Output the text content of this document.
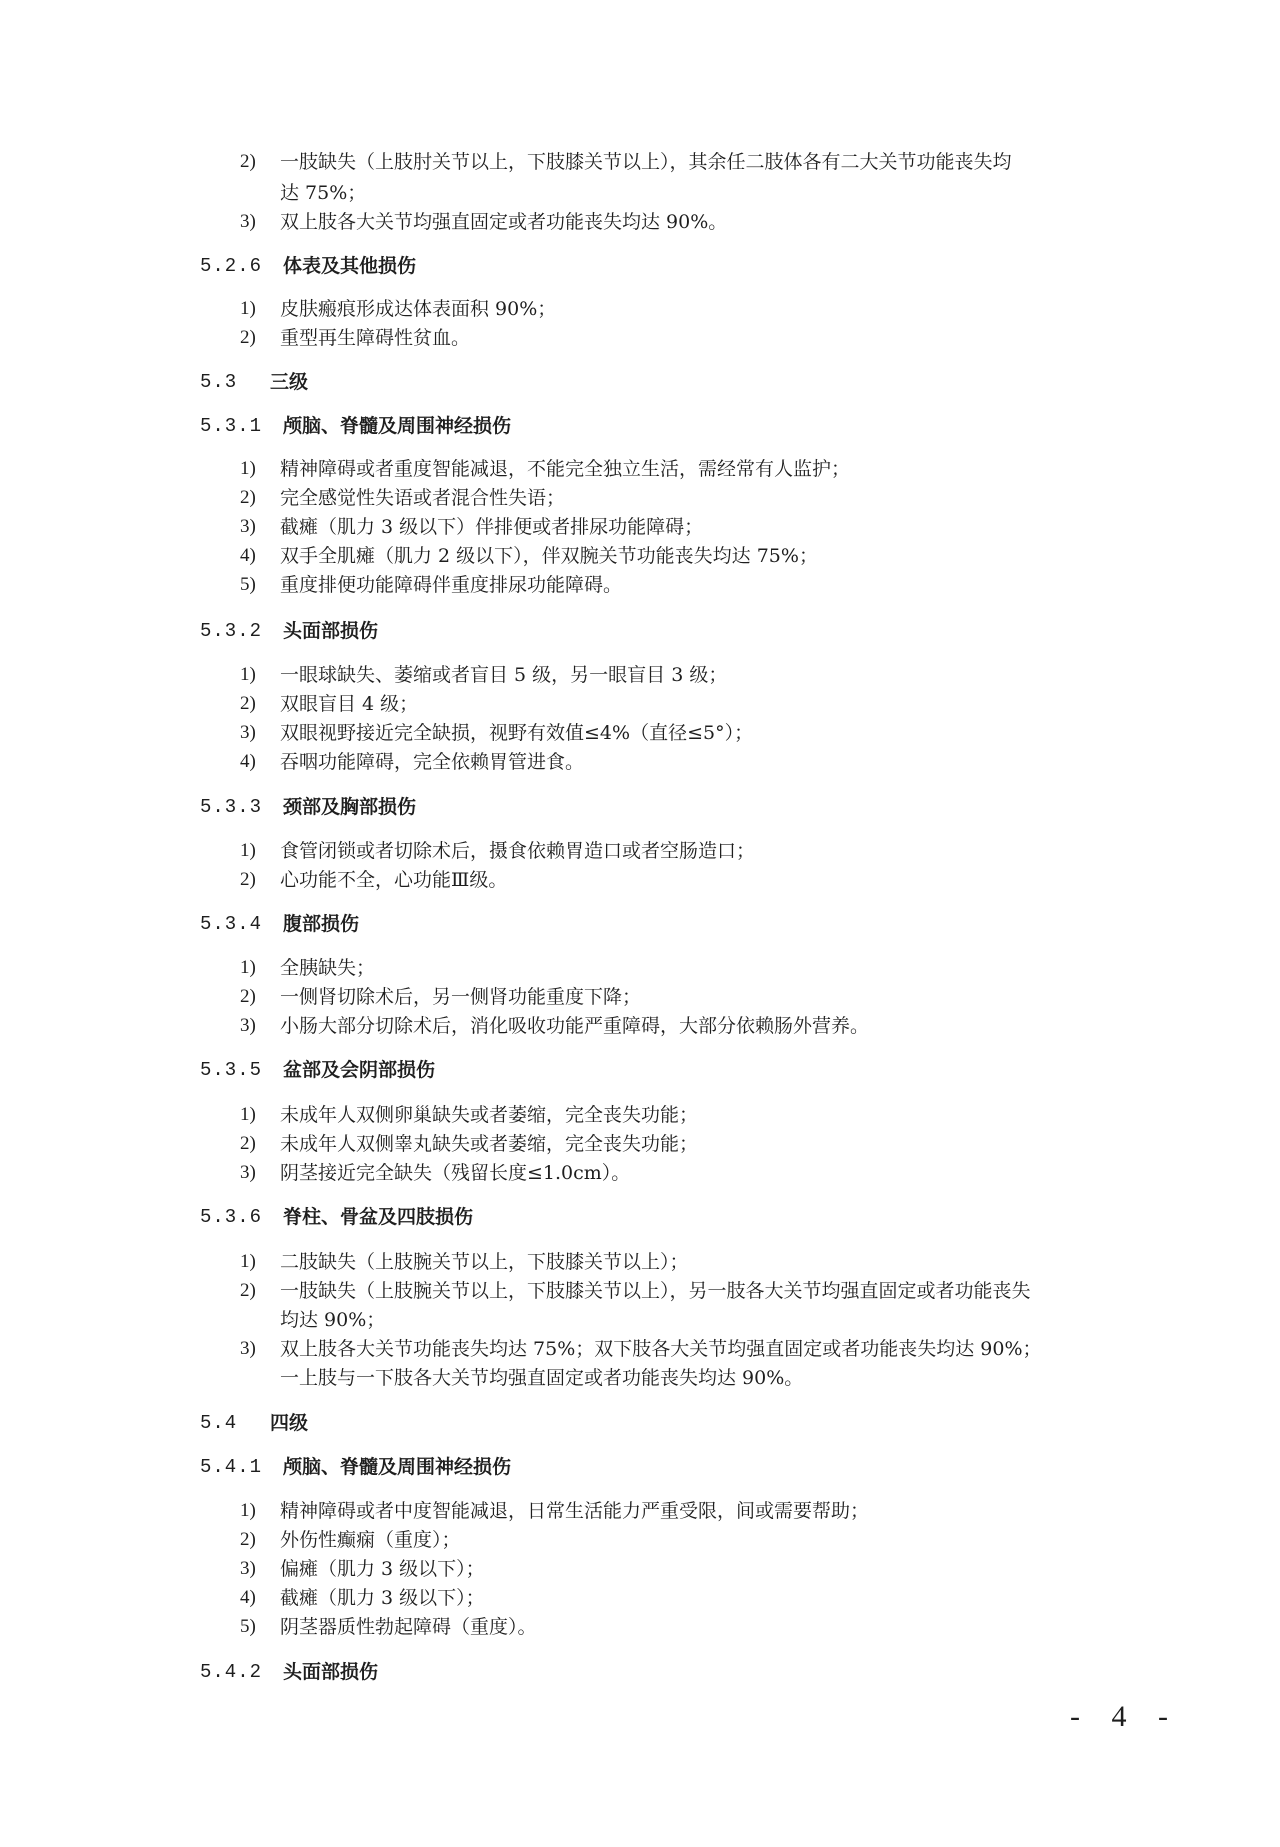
2) 一肢缺失（上肢肘关节以上，下肢膝关节以上），其余任二肢体各有二大关节功能丧失均
达 75%；
3) 双上肢各大关节均强直固定或者功能丧失均达 90%。
5.2.6 体表及其他损伤
1) 皮肤瘢痕形成达体表面积 90%；
2) 重型再生障碍性贫血。
5.3 三级
5.3.1 颅脑、脊髓及周围神经损伤
1) 精神障碍或者重度智能减退，不能完全独立生活，需经常有人监护；
2) 完全感觉性失语或者混合性失语；
3) 截瘫（肌力 3 级以下）伴排便或者排尿功能障碍；
4) 双手全肌瘫（肌力 2 级以下），伴双腕关节功能丧失均达 75%；
5) 重度排便功能障碍伴重度排尿功能障碍。
5.3.2 头面部损伤
1) 一眼球缺失、萎缩或者盲目 5 级，另一眼盲目 3 级；
2) 双眼盲目 4 级；
3) 双眼视野接近完全缺损，视野有效值≤4%（直径≤5°）；
4) 吞咽功能障碍，完全依赖胃管进食。
5.3.3 颈部及胸部损伤
1) 食管闭锁或者切除术后，摄食依赖胃造口或者空肠造口；
2) 心功能不全，心功能Ⅲ级。
5.3.4 腹部损伤
1) 全胰缺失；
2) 一侧肾切除术后，另一侧肾功能重度下降；
3) 小肠大部分切除术后，消化吸收功能严重障碍，大部分依赖肠外营养。
5.3.5 盆部及会阴部损伤
1) 未成年人双侧卵巢缺失或者萎缩，完全丧失功能；
2) 未成年人双侧睾丸缺失或者萎缩，完全丧失功能；
3) 阴茎接近完全缺失（残留长度≤1.0cm）。
5.3.6 脊柱、骨盆及四肢损伤
1) 二肢缺失（上肢腕关节以上，下肢膝关节以上）；
2) 一肢缺失（上肢腕关节以上，下肢膝关节以上），另一肢各大关节均强直固定或者功能丧失
均达 90%；
3) 双上肢各大关节功能丧失均达 75%；双下肢各大关节均强直固定或者功能丧失均达 90%；
一上肢与一下肢各大关节均强直固定或者功能丧失均达 90%。
5.4 四级
5.4.1 颅脑、脊髓及周围神经损伤
1) 精神障碍或者中度智能减退，日常生活能力严重受限，间或需要帮助；
2) 外伤性癫痫（重度）；
3) 偏瘫（肌力 3 级以下）；
4) 截瘫（肌力 3 级以下）；
5) 阴茎器质性勃起障碍（重度）。
5.4.2 头面部损伤
- 4 -
